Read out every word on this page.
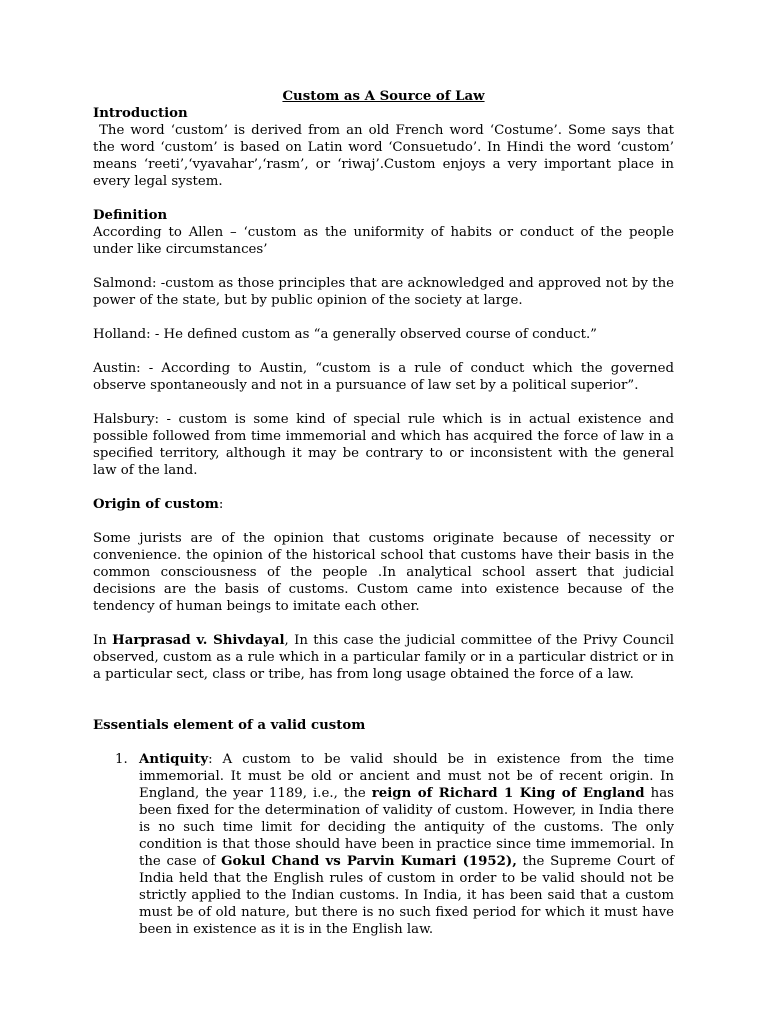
Custom as A Source of Law

Introduction

The word ‘custom’ is derived from an old French word ‘Costume’. Some says that the word ‘custom’ is based on Latin word ‘Consuetudo’. In Hindi the word ‘custom’ means ‘reeti’,‘vyavahar’,‘rasm’, or ‘riwaj’.Custom enjoys a very important place in every legal system.

Definition

According to Allen – ‘custom as the uniformity of habits or conduct of the people under like circumstances’

Salmond: -custom as those principles that are acknowledged and approved not by the power of the state, but by public opinion of the society at large.

Holland: - He defined custom as “a generally observed course of conduct.”

Austin: - According to Austin, “custom is a rule of conduct which the governed observe spontaneously and not in a pursuance of law set by a political superior”.

Halsbury: - custom is some kind of special rule which is in actual existence and possible followed from time immemorial and which has acquired the force of law in a specified territory, although it may be contrary to or inconsistent with the general law of the land.

Origin of custom:

Some jurists are of the opinion that customs originate because of necessity or convenience. the opinion of the historical school that customs have their basis in the common consciousness of the people .In analytical school assert that judicial decisions are the basis of customs. Custom came into existence because of the tendency of human beings to imitate each other.

In Harprasad v. Shivdayal, In this case the judicial committee of the Privy Council observed, custom as a rule which in a particular family or in a particular district or in a particular sect, class or tribe, has from long usage obtained the force of a law.

Essentials element of a valid custom
1. Antiquity: A custom to be valid should be in existence from the time immemorial. It must be old or ancient and must not be of recent origin. In England, the year 1189, i.e., the reign of Richard 1 King of England has been fixed for the determination of validity of custom. However, in India there is no such time limit for deciding the antiquity of the customs. The only condition is that those should have been in practice since time immemorial. In the case of Gokul Chand vs Parvin Kumari (1952), the Supreme Court of India held that the English rules of custom in order to be valid should not be strictly applied to the Indian customs. In India, it has been said that a custom must be of old nature, but there is no such fixed period for which it must have been in existence as it is in the English law.
